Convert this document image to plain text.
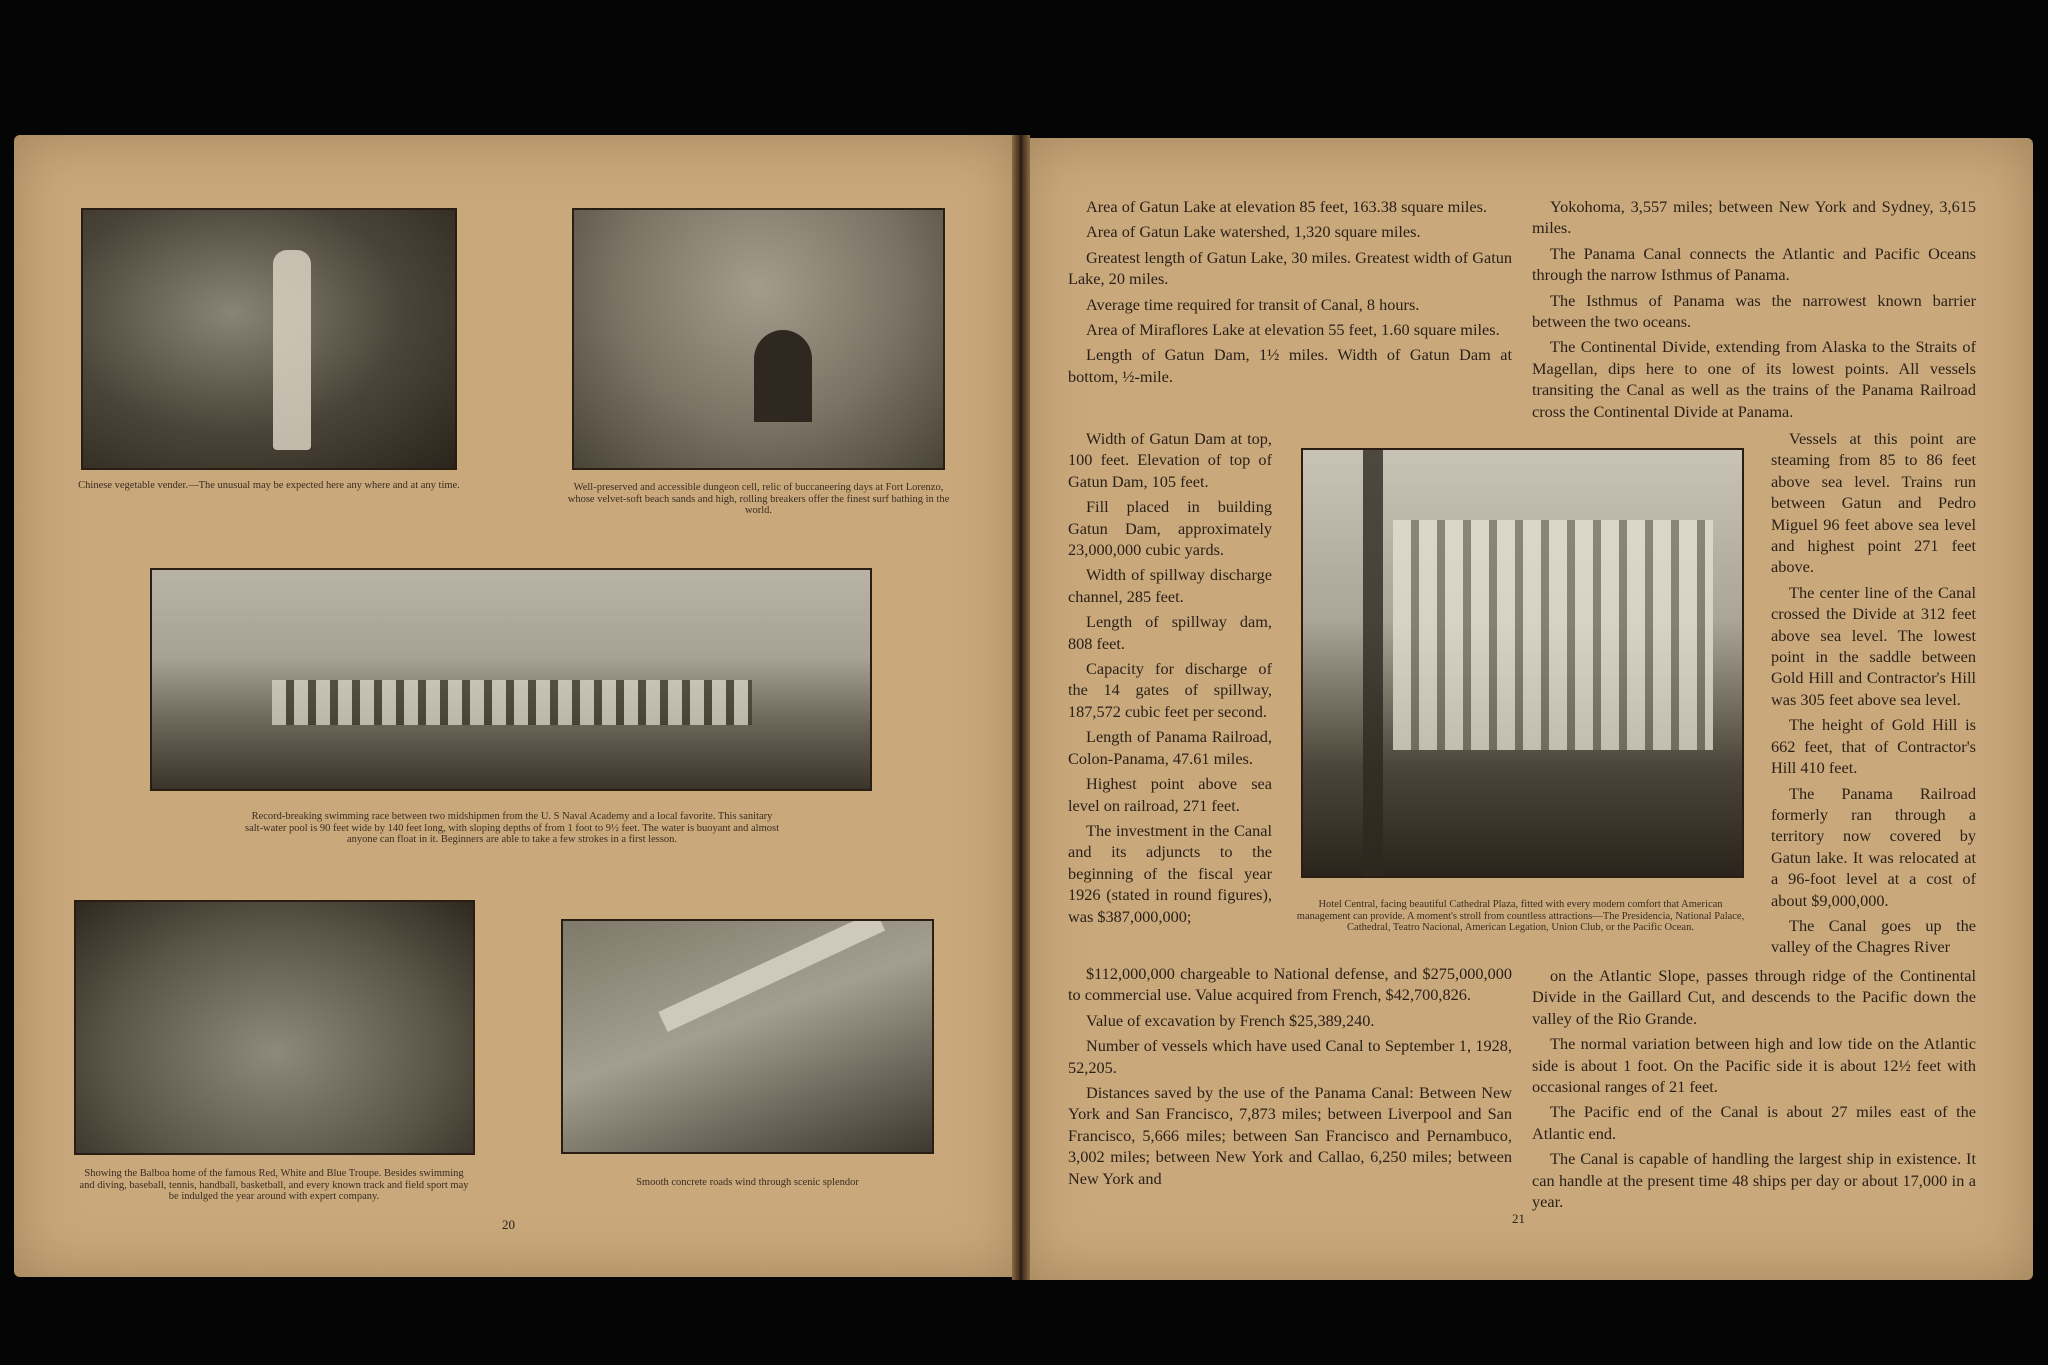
Chinese vegetable vender.—The unusual may be expected here any where and at any time.	Well-preserved and accessible dungeon cell, relic of buccaneering days at Fort Lorenzo, whose velvet-soft beach sands and high, rolling breakers offer the finest surf bathing in the world.
Record-breaking swimming race between two midshipmen from the U. S Naval Academy and a local favorite. This sanitary salt-water pool is 90 feet wide by 140 feet long, with sloping depths of from 1 foot to 9½ feet. The water is buoyant and almost anyone can float in it. Beginners are able to take a few strokes in a first lesson.
Showing the Balboa home of the famous Red, White and Blue Troupe. Besides swimming and diving, baseball, tennis, handball, basketball, and every known track and field sport may be indulged the year around with expert company.
Smooth concrete roads wind through scenic splendor
20

Area of Gatun Lake at elevation 85 feet, 163.38 square miles.

Area of Gatun Lake watershed, 1,320 square miles.

Greatest length of Gatun Lake, 30 miles. Greatest width of Gatun Lake, 20 miles.

Average time required for transit of Canal, 8 hours.

Area of Miraflores Lake at elevation 55 feet, 1.60 square miles.

Length of Gatun Dam, 1½ miles. Width of Gatun Dam at bottom, ½-mile.

Width of Gatun Dam at top, 100 feet. Elevation of top of Gatun Dam, 105 feet.

Fill placed in building Gatun Dam, approximately 23,000,000 cubic yards.

Width of spillway discharge channel, 285 feet.

Length of spillway dam, 808 feet.

Capacity for discharge of the 14 gates of spillway, 187,572 cubic feet per second.

Length of Panama Railroad, Colon-Panama, 47.61 miles.

Highest point above sea level on railroad, 271 feet.

The investment in the Canal and its adjuncts to the beginning of the fiscal year 1926 (stated in round figures), was $387,000,000;

$112,000,000 chargeable to National defense, and $275,000,000 to commercial use. Value acquired from French, $42,700,826.

Value of excavation by French $25,389,240.

Number of vessels which have used Canal to September 1, 1928, 52,205.

Distances saved by the use of the Panama Canal: Between New York and San Francisco, 7,873 miles; between Liverpool and San Francisco, 5,666 miles; between San Francisco and Pernambuco, 3,002 miles; between New York and Callao, 6,250 miles; between New York and

Yokohoma, 3,557 miles; between New York and Sydney, 3,615 miles.

The Panama Canal connects the Atlantic and Pacific Oceans through the narrow Isthmus of Panama.

The Isthmus of Panama was the narrowest known barrier between the two oceans.

The Continental Divide, extending from Alaska to the Straits of Magellan, dips here to one of its lowest points. All vessels transiting the Canal as well as the trains of the Panama Railroad cross the Continental Divide at Panama.

Vessels at this point are steaming from 85 to 86 feet above sea level. Trains run between Gatun and Pedro Miguel 96 feet above sea level and highest point 271 feet above.

The center line of the Canal crossed the Divide at 312 feet above sea level. The lowest point in the saddle between Gold Hill and Contractor's Hill was 305 feet above sea level.

The height of Gold Hill is 662 feet, that of Contractor's Hill 410 feet.

The Panama Railroad formerly ran through a territory now covered by Gatun lake. It was relocated at a 96-foot level at a cost of about $9,000,000.

The Canal goes up the valley of the Chagres River

on the Atlantic Slope, passes through ridge of the Continental Divide in the Gaillard Cut, and descends to the Pacific down the valley of the Rio Grande.

The normal variation between high and low tide on the Atlantic side is about 1 foot. On the Pacific side it is about 12½ feet with occasional ranges of 21 feet.

The Pacific end of the Canal is about 27 miles east of the Atlantic end.

The Canal is capable of handling the largest ship in existence. It can handle at the present time 48 ships per day or about 17,000 in a year.

Hotel Central, facing beautiful Cathedral Plaza, fitted with every modern comfort that American management can provide. A moment's stroll from countless attractions—The Presidencia, National Palace, Cathedral, Teatro Nacional, American Legation, Union Club, or the Pacific Ocean.
21
